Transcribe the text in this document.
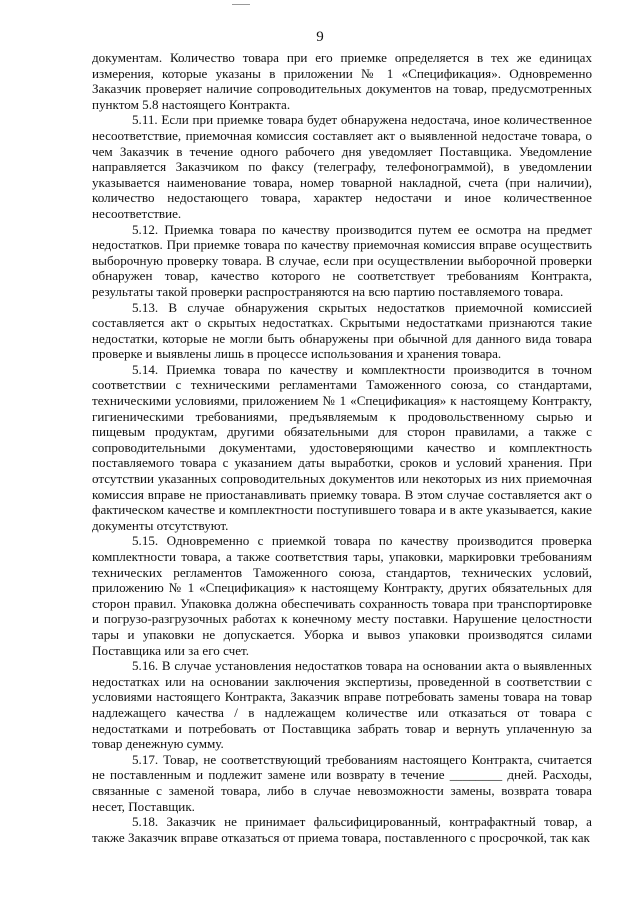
9

документам. Количество товара при его приемке определяется в тех же единицах измерения, которые указаны в приложении № 1 «Спецификация». Одновременно Заказчик проверяет наличие сопроводительных документов на товар, предусмотренных пунктом 5.8 настоящего Контракта.

5.11. Если при приемке товара будет обнаружена недостача, иное количественное несоответствие, приемочная комиссия составляет акт о выявленной недостаче товара, о чем Заказчик в течение одного рабочего дня уведомляет Поставщика. Уведомление направляется Заказчиком по факсу (телеграфу, телефонограммой), в уведомлении указывается наименование товара, номер товарной накладной, счета (при наличии), количество недостающего товара, характер недостачи и иное количественное несоответствие.

5.12. Приемка товара по качеству производится путем ее осмотра на предмет недостатков. При приемке товара по качеству приемочная комиссия вправе осуществить выборочную проверку товара. В случае, если при осуществлении выборочной проверки обнаружен товар, качество которого не соответствует требованиям Контракта, результаты такой проверки распространяются на всю партию поставляемого товара.

5.13. В случае обнаружения скрытых недостатков приемочной комиссией составляется акт о скрытых недостатках. Скрытыми недостатками признаются такие недостатки, которые не могли быть обнаружены при обычной для данного вида товара проверке и выявлены лишь в процессе использования и хранения товара.

5.14. Приемка товара по качеству и комплектности производится в точном соответствии с техническими регламентами Таможенного союза, со стандартами, техническими условиями, приложением № 1 «Спецификация» к настоящему Контракту, гигиеническими требованиями, предъявляемым к продовольственному сырью и пищевым продуктам, другими обязательными для сторон правилами, а также с сопроводительными документами, удостоверяющими качество и комплектность поставляемого товара с указанием даты выработки, сроков и условий хранения. При отсутствии указанных сопроводительных документов или некоторых из них приемочная комиссия вправе не приостанавливать приемку товара. В этом случае составляется акт о фактическом качестве и комплектности поступившего товара и в акте указывается, какие документы отсутствуют.

5.15. Одновременно с приемкой товара по качеству производится проверка комплектности товара, а также соответствия тары, упаковки, маркировки требованиям технических регламентов Таможенного союза, стандартов, технических условий, приложению № 1 «Спецификация» к настоящему Контракту, других обязательных для сторон правил. Упаковка должна обеспечивать сохранность товара при транспортировке и погрузо-разгрузочных работах к конечному месту поставки. Нарушение целостности тары и упаковки не допускается. Уборка и вывоз упаковки производятся силами Поставщика или за его счет.

5.16. В случае установления недостатков товара на основании акта о выявленных недостатках или на основании заключения экспертизы, проведенной в соответствии с условиями настоящего Контракта, Заказчик вправе потребовать замены товара на товар надлежащего качества / в надлежащем количестве или отказаться от товара с недостатками и потребовать от Поставщика забрать товар и вернуть уплаченную за товар денежную сумму.

5.17. Товар, не соответствующий требованиям настоящего Контракта, считается не поставленным и подлежит замене или возврату в течение ________ дней. Расходы, связанные с заменой товара, либо в случае невозможности замены, возврата товара несет, Поставщик.

5.18. Заказчик не принимает фальсифицированный, контрафактный товар, а также Заказчик вправе отказаться от приема товара, поставленного с просрочкой, так как
